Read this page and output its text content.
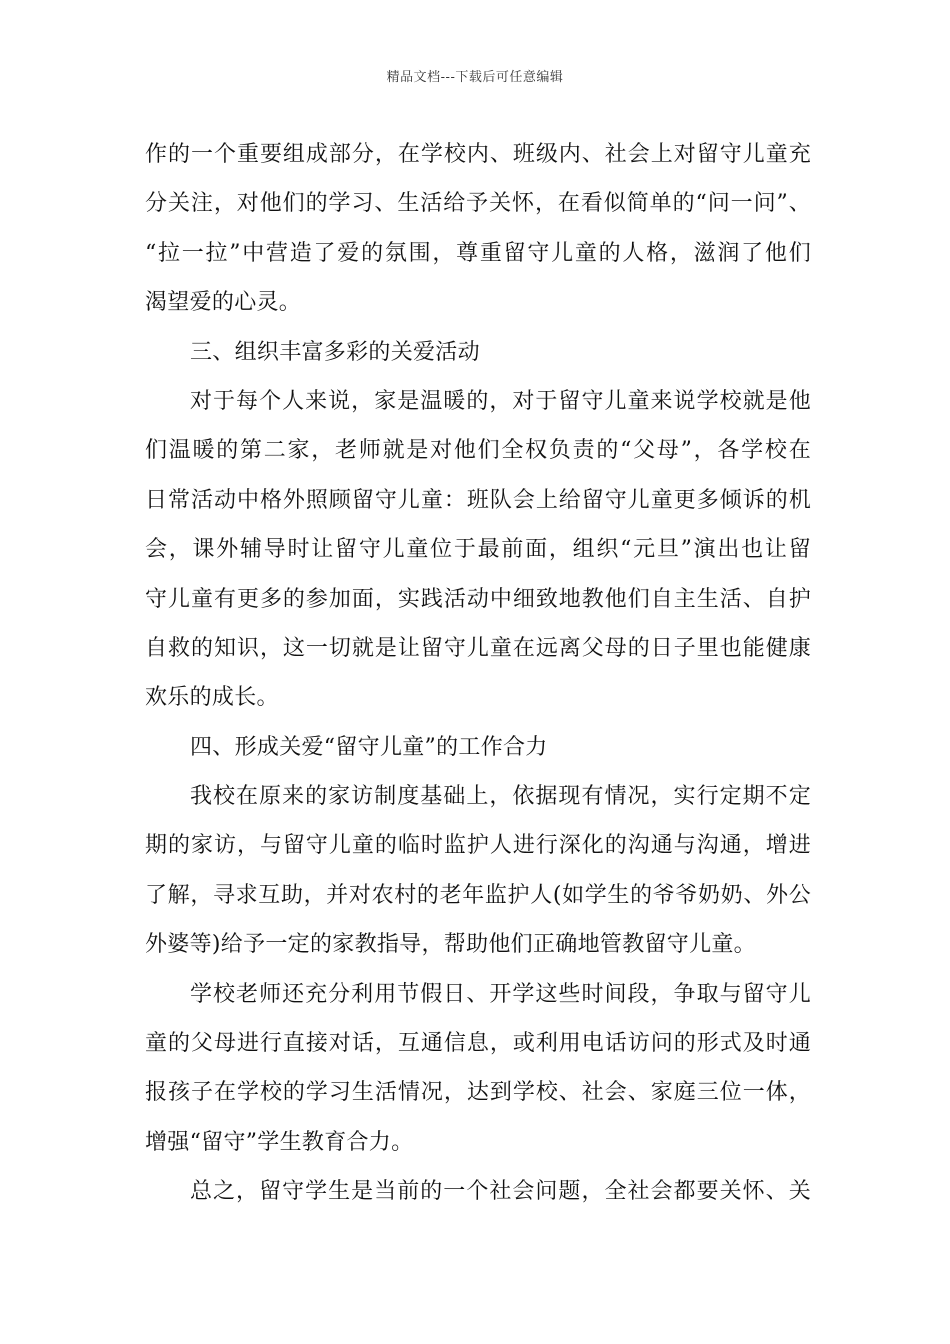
精品文档---下载后可任意编辑
作的一个重要组成部分，在学校内、班级内、社会上对留守儿童充
分关注，对他们的学习、生活给予关怀，在看似简单的“问一问”、
“拉一拉”中营造了爱的氛围，尊重留守儿童的人格，滋润了他们
渴望爱的心灵。
三、组织丰富多彩的关爱活动
对于每个人来说，家是温暖的，对于留守儿童来说学校就是他
们温暖的第二家，老师就是对他们全权负责的“父母”，各学校在
日常活动中格外照顾留守儿童：班队会上给留守儿童更多倾诉的机
会，课外辅导时让留守儿童位于最前面，组织“元旦”演出也让留
守儿童有更多的参加面，实践活动中细致地教他们自主生活、自护
自救的知识，这一切就是让留守儿童在远离父母的日子里也能健康
欢乐的成长。
四、形成关爱“留守儿童”的工作合力
我校在原来的家访制度基础上，依据现有情况，实行定期不定
期的家访，与留守儿童的临时监护人进行深化的沟通与沟通，增进
了解，寻求互助，并对农村的老年监护人(如学生的爷爷奶奶、外公
外婆等)给予一定的家教指导，帮助他们正确地管教留守儿童。
学校老师还充分利用节假日、开学这些时间段，争取与留守儿
童的父母进行直接对话，互通信息，或利用电话访问的形式及时通
报孩子在学校的学习生活情况，达到学校、社会、家庭三位一体，
增强“留守”学生教育合力。
总之，留守学生是当前的一个社会问题，全社会都要关怀、关
